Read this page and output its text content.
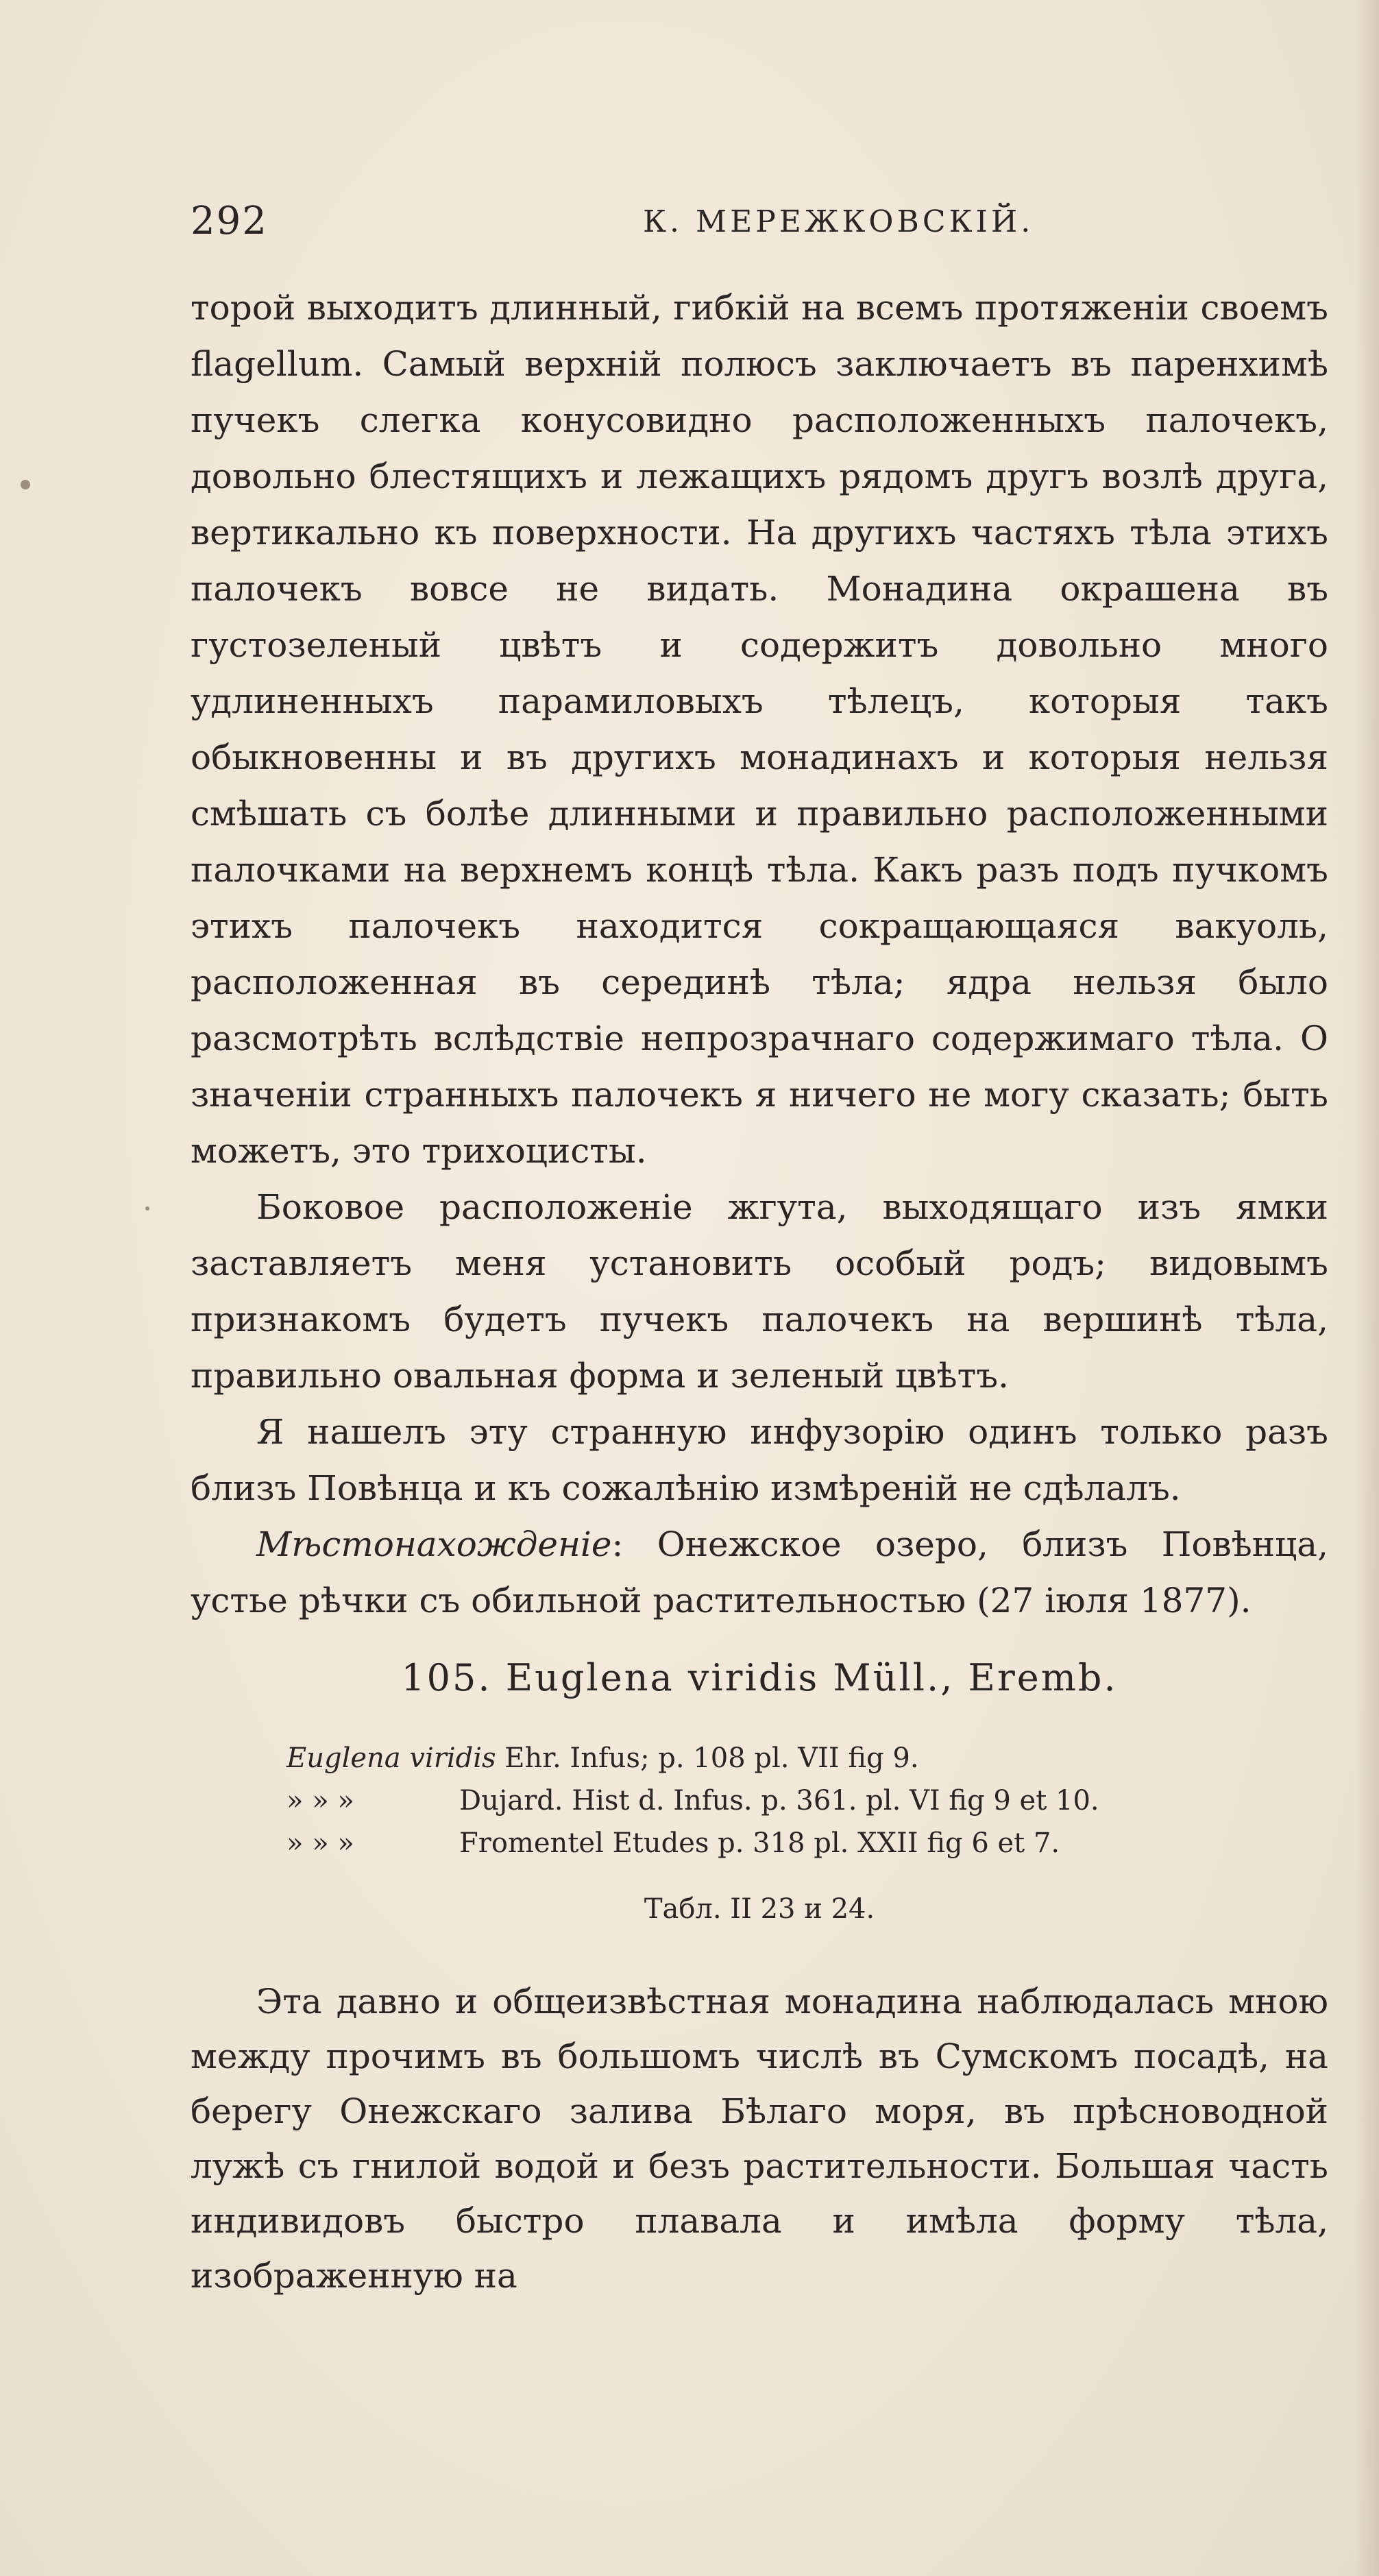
292	К. МЕРЕЖКОВСКІЙ.

торой выходитъ длинный, гибкій на всемъ протяженіи своемъ flagellum. Самый верхній полюсъ заключаетъ въ паренхимѣ пучекъ слегка конусовидно расположенныхъ палочекъ, довольно блестящихъ и лежащихъ рядомъ другъ возлѣ друга, вертикально къ поверхности. На другихъ частяхъ тѣла этихъ палочекъ вовсе не видать. Монадина окрашена въ густозеленый цвѣтъ и содержитъ довольно много удлиненныхъ парамиловыхъ тѣлецъ, которыя такъ обыкновенны и въ другихъ монадинахъ и которыя нельзя смѣшать съ болѣе длинными и правильно расположенными палочками на верхнемъ концѣ тѣла. Какъ разъ подъ пучкомъ этихъ палочекъ находится сокращающаяся вакуоль, расположенная въ серединѣ тѣла; ядра нельзя было разсмотрѣть вслѣдствіе непрозрачнаго содержимаго тѣла. О значеніи странныхъ палочекъ я ничего не могу сказать; быть можетъ, это трихоцисты.

Боковое расположеніе жгута, выходящаго изъ ямки заставляетъ меня установить особый родъ; видовымъ признакомъ будетъ пучекъ палочекъ на вершинѣ тѣла, правильно овальная форма и зеленый цвѣтъ.

Я нашелъ эту странную инфузорію одинъ только разъ близъ Повѣнца и къ сожалѣнію измѣреній не сдѣлалъ.

Мѣстонахожденіе: Онежское озеро, близъ Повѣнца, устье рѣчки съ обильной растительностью (27 іюля 1877).

105. Euglena viridis Müll., Eremb.
Euglena viridis Ehr. Infus; p. 108 pl. VII fig 9.
» » »	Dujard. Hist d. Infus. p. 361. pl. VI fig 9 et 10.
» » »	Fromentel Etudes p. 318 pl. XXII fig 6 et 7.
Табл. II 23 и 24.

Эта давно и общеизвѣстная монадина наблюдалась мною между прочимъ въ большомъ числѣ въ Сумскомъ посадѣ, на берегу Онежскаго залива Бѣлаго моря, въ прѣсноводной лужѣ съ гнилой водой и безъ растительности. Большая часть индивидовъ быстро плавала и имѣла форму тѣла, изображенную на
